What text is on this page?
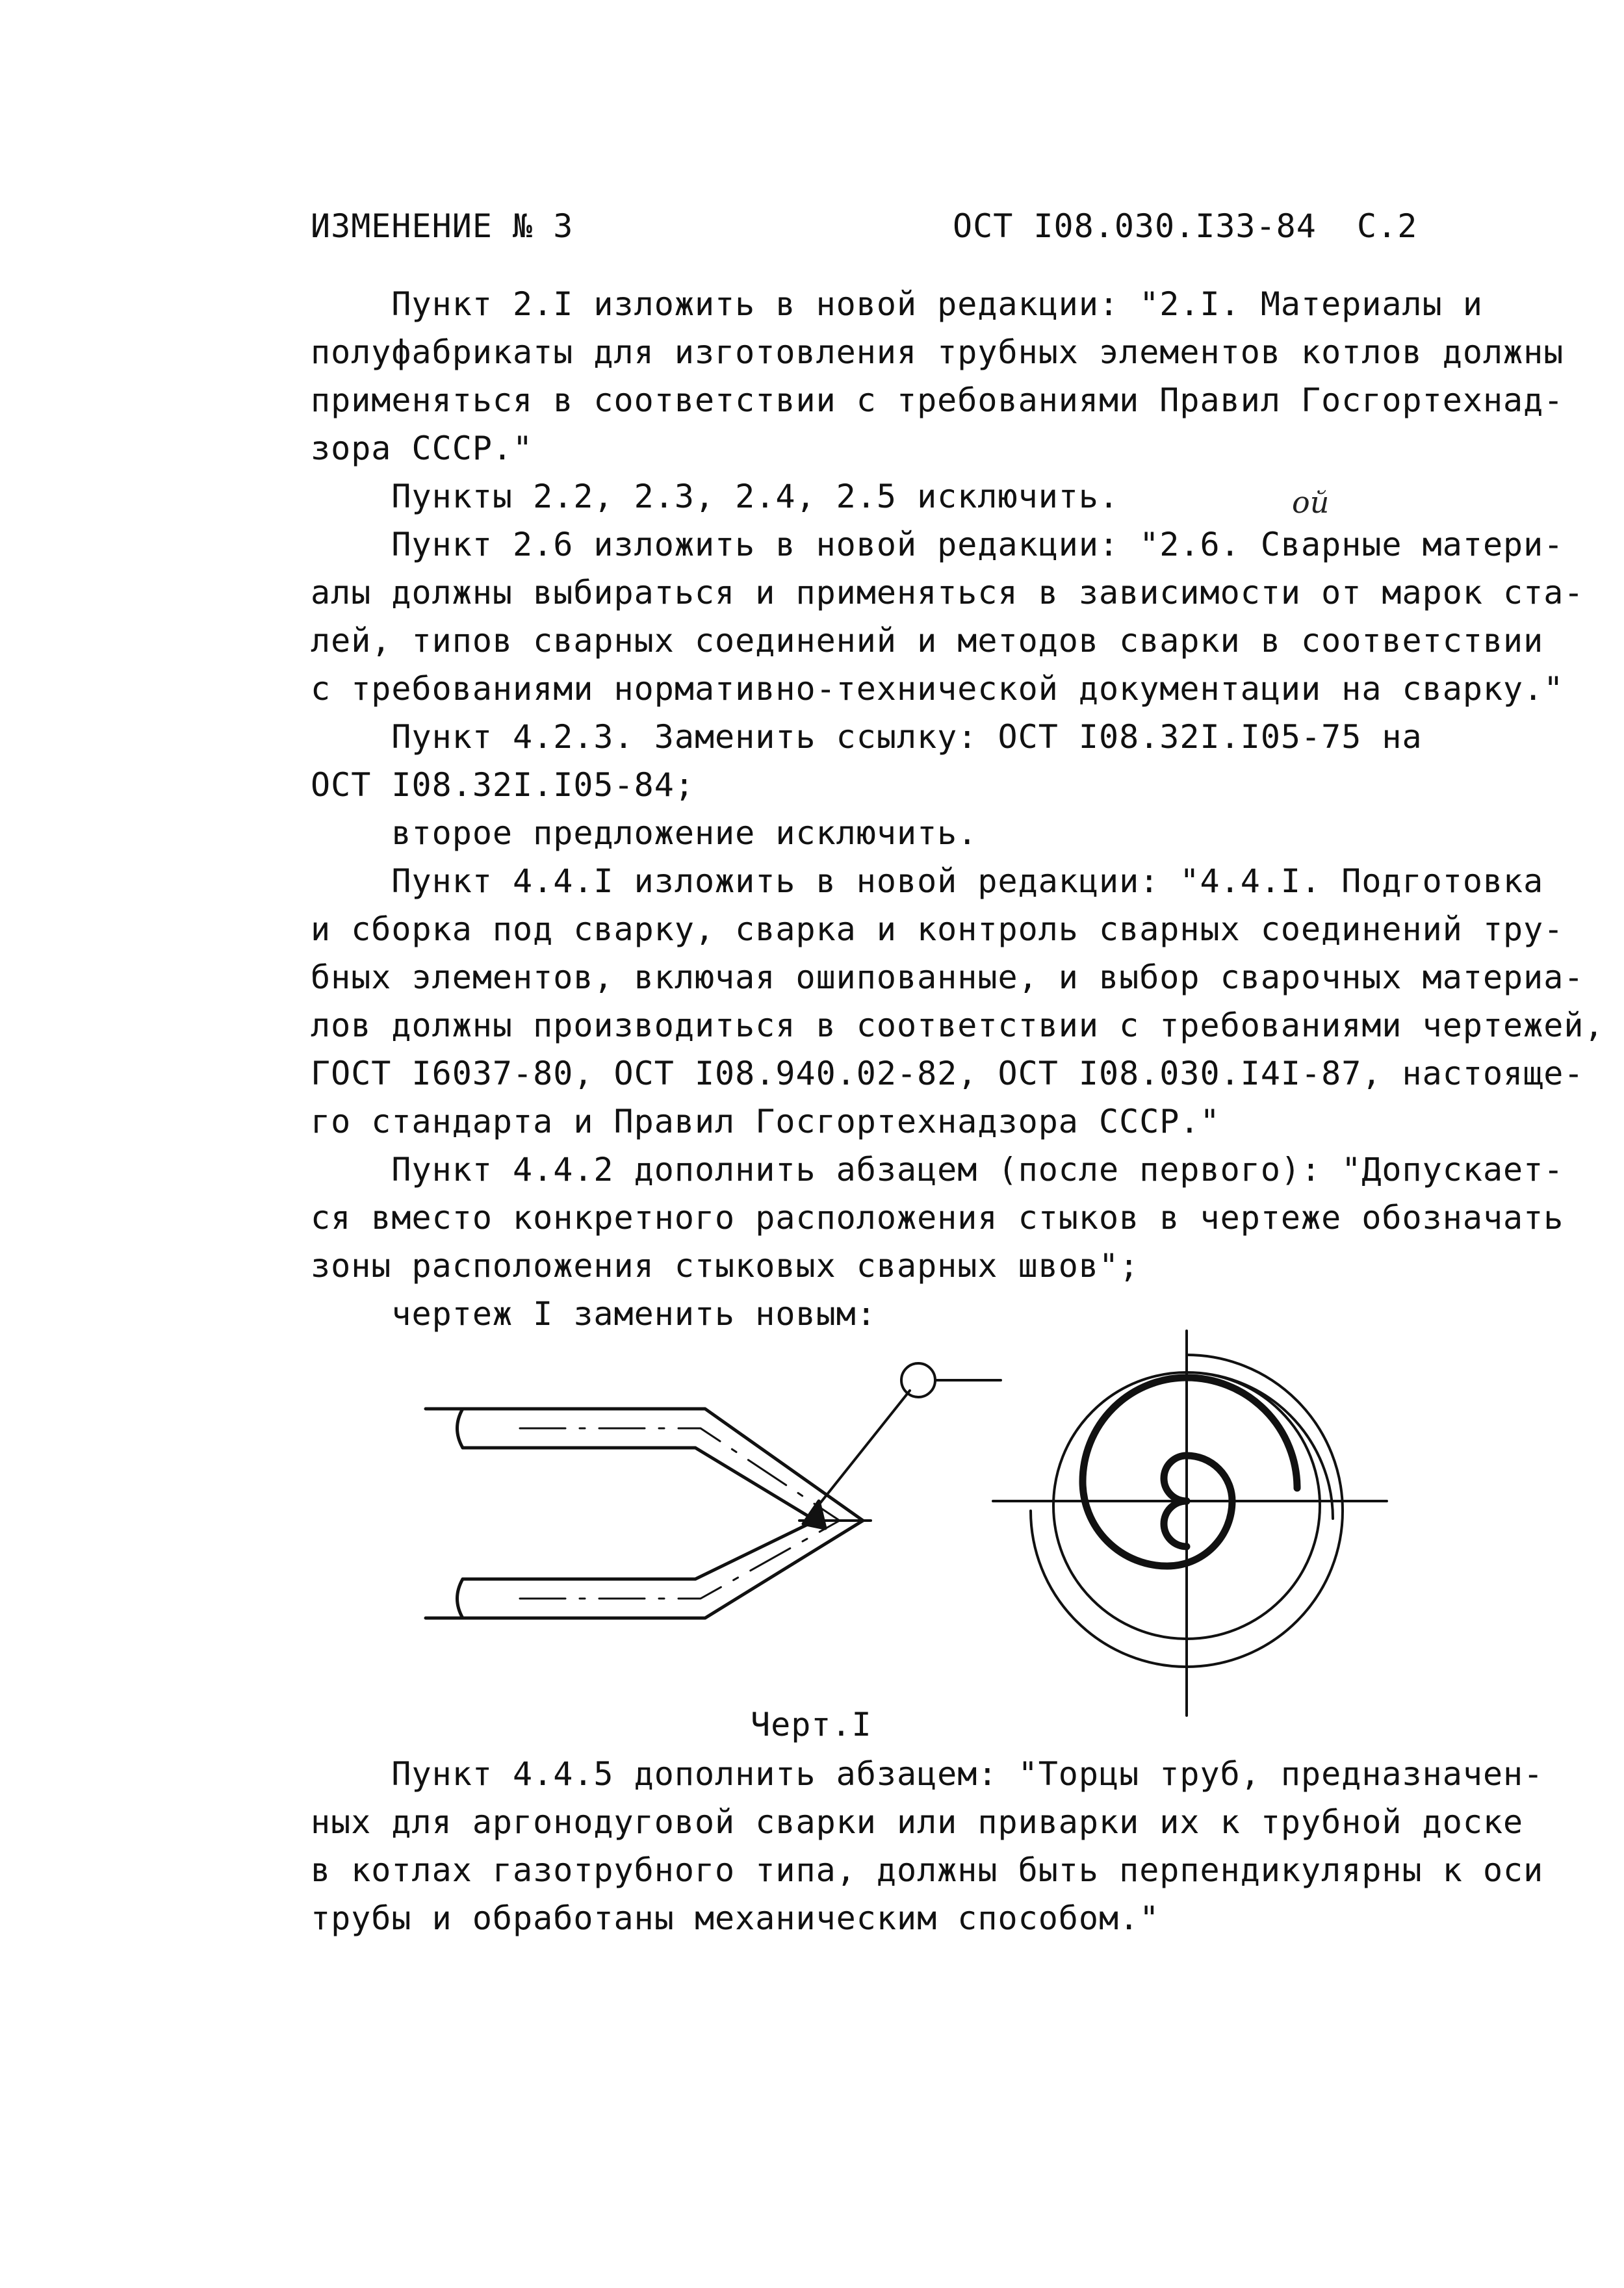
ИЗМЕНЕНИЕ № 3	ОСТ I08.030.I33-84  С.2
Пункт 2.I изложить в новой редакции: "2.I. Материалы и
полуфабрикаты для изготовления трубных элементов котлов должны
применяться в соответствии с требованиями Правил Госгортехнад-
зора СССР."
Пункты 2.2, 2.3, 2.4, 2.5 исключить.
Пункт 2.6 изложить в новой редакции: "2.6. Сварные матери-
алы должны выбираться и применяться в зависимости от марок ста-
лей, типов сварных соединений и методов сварки в соответствии
с требованиями нормативно-технической документации на сварку."
Пункт 4.2.3. Заменить ссылку: ОСТ I08.32I.I05-75 на
ОСТ I08.32I.I05-84;
второе предложение исключить.
Пункт 4.4.I изложить в новой редакции: "4.4.I. Подготовка
и сборка под сварку, сварка и контроль сварных соединений тру-
бных элементов, включая ошипованные, и выбор сварочных материа-
лов должны производиться в соответствии с требованиями чертежей,
ГОСТ I6037-80, ОСТ I08.940.02-82, ОСТ I08.030.I4I-87, настояще-
го стандарта и Правил Госгортехнадзора СССР."
Пункт 4.4.2 дополнить абзацем (после первого): "Допускает-
ся вместо конкретного расположения стыков в чертеже обозначать
зоны расположения стыковых сварных швов";
чертеж I заменить новым:
ой
Черт.I
Пункт 4.4.5 дополнить абзацем: "Торцы труб, предназначен-
ных для аргонодуговой сварки или приварки их к трубной доске
в котлах газотрубного типа, должны быть перпендикулярны к оси
трубы и обработаны механическим способом."
